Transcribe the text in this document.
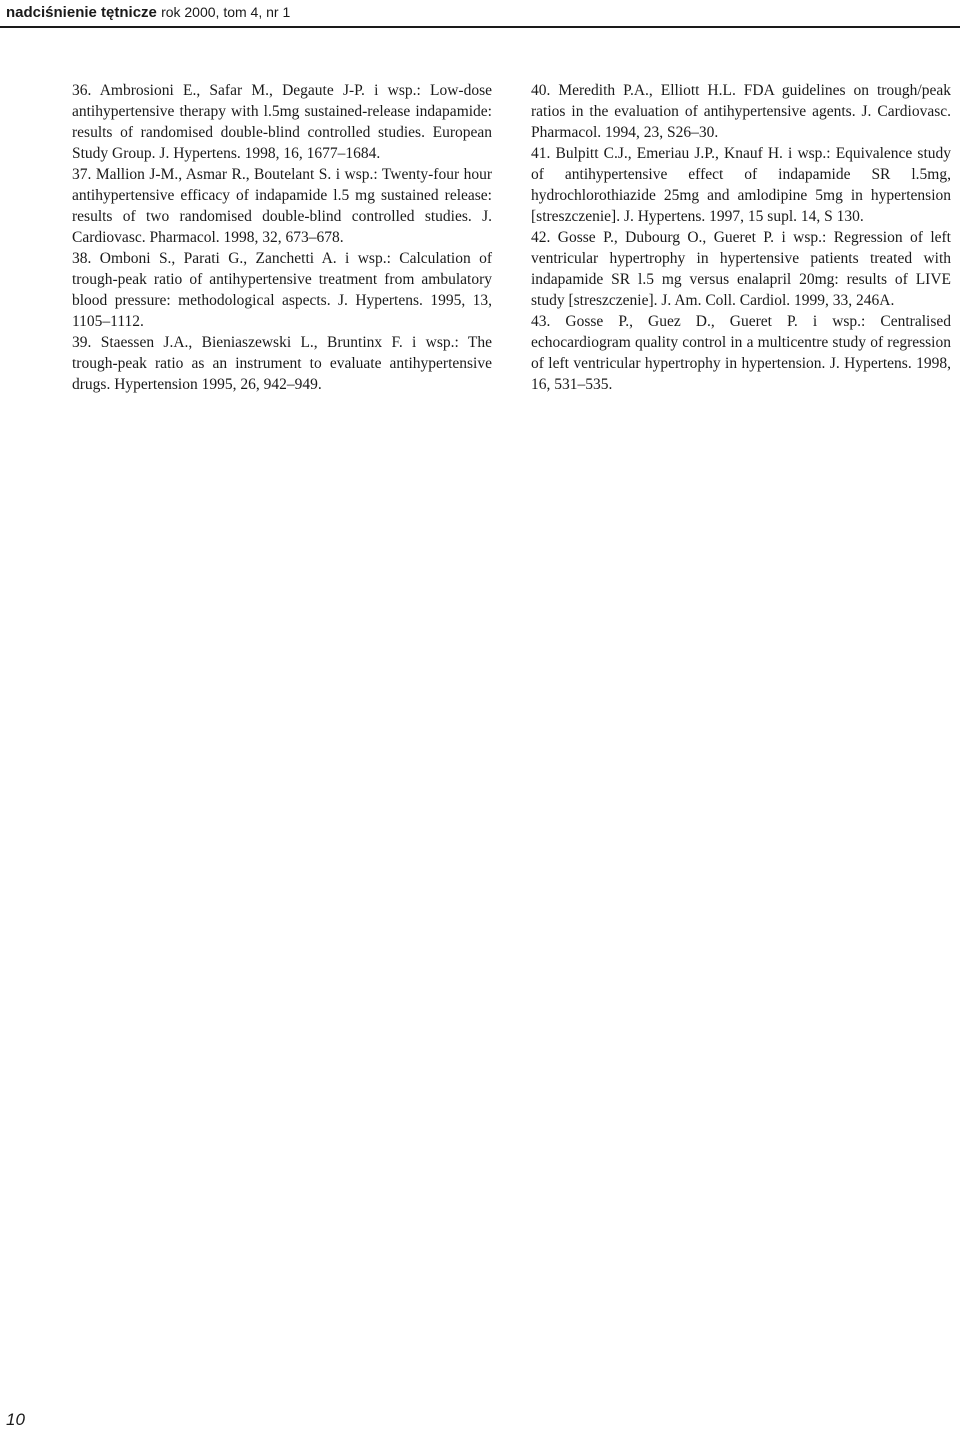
nadciśnienie tętnicze rok 2000, tom 4, nr 1

36. Ambrosioni E., Safar M., Degaute J-P. i wsp.: Low-dose antihypertensive therapy with l.5mg sustained-release indapamide: results of randomised double-blind controlled studies. European Study Group. J. Hypertens. 1998, 16, 1677–1684.

37. Mallion J-M., Asmar R., Boutelant S. i wsp.: Twenty-four hour antihypertensive efficacy of indapamide l.5 mg sustained release: results of two randomised double-blind controlled studies. J. Cardiovasc. Pharmacol. 1998, 32, 673–678.

38. Omboni S., Parati G., Zanchetti A. i wsp.: Calculation of trough-peak ratio of antihypertensive treatment from ambulatory blood pressure: methodological aspects. J. Hypertens. 1995, 13, 1105–1112.

39. Staessen J.A., Bieniaszewski L., Bruntinx F. i wsp.: The trough-peak ratio as an instrument to evaluate antihypertensive drugs. Hypertension 1995, 26, 942–949.

40. Meredith P.A., Elliott H.L. FDA guidelines on trough/peak ratios in the evaluation of antihypertensive agents. J. Cardiovasc. Pharmacol. 1994, 23, S26–30.

41. Bulpitt C.J., Emeriau J.P., Knauf H. i wsp.: Equivalence study of antihypertensive effect of indapamide SR l.5mg, hydrochlorothiazide 25mg and amlodipine 5mg in hypertension [streszczenie]. J. Hypertens. 1997, 15 supl. 14, S 130.

42. Gosse P., Dubourg O., Gueret P. i wsp.: Regression of left ventricular hypertrophy in hypertensive patients treated with indapamide SR l.5 mg versus enalapril 20mg: results of LIVE study [streszczenie]. J. Am. Coll. Cardiol. 1999, 33, 246A.

43. Gosse P., Guez D., Gueret P. i wsp.: Centralised echocardiogram quality control in a multicentre study of regression of left ventricular hypertrophy in hypertension. J. Hypertens. 1998, 16, 531–535.

10
